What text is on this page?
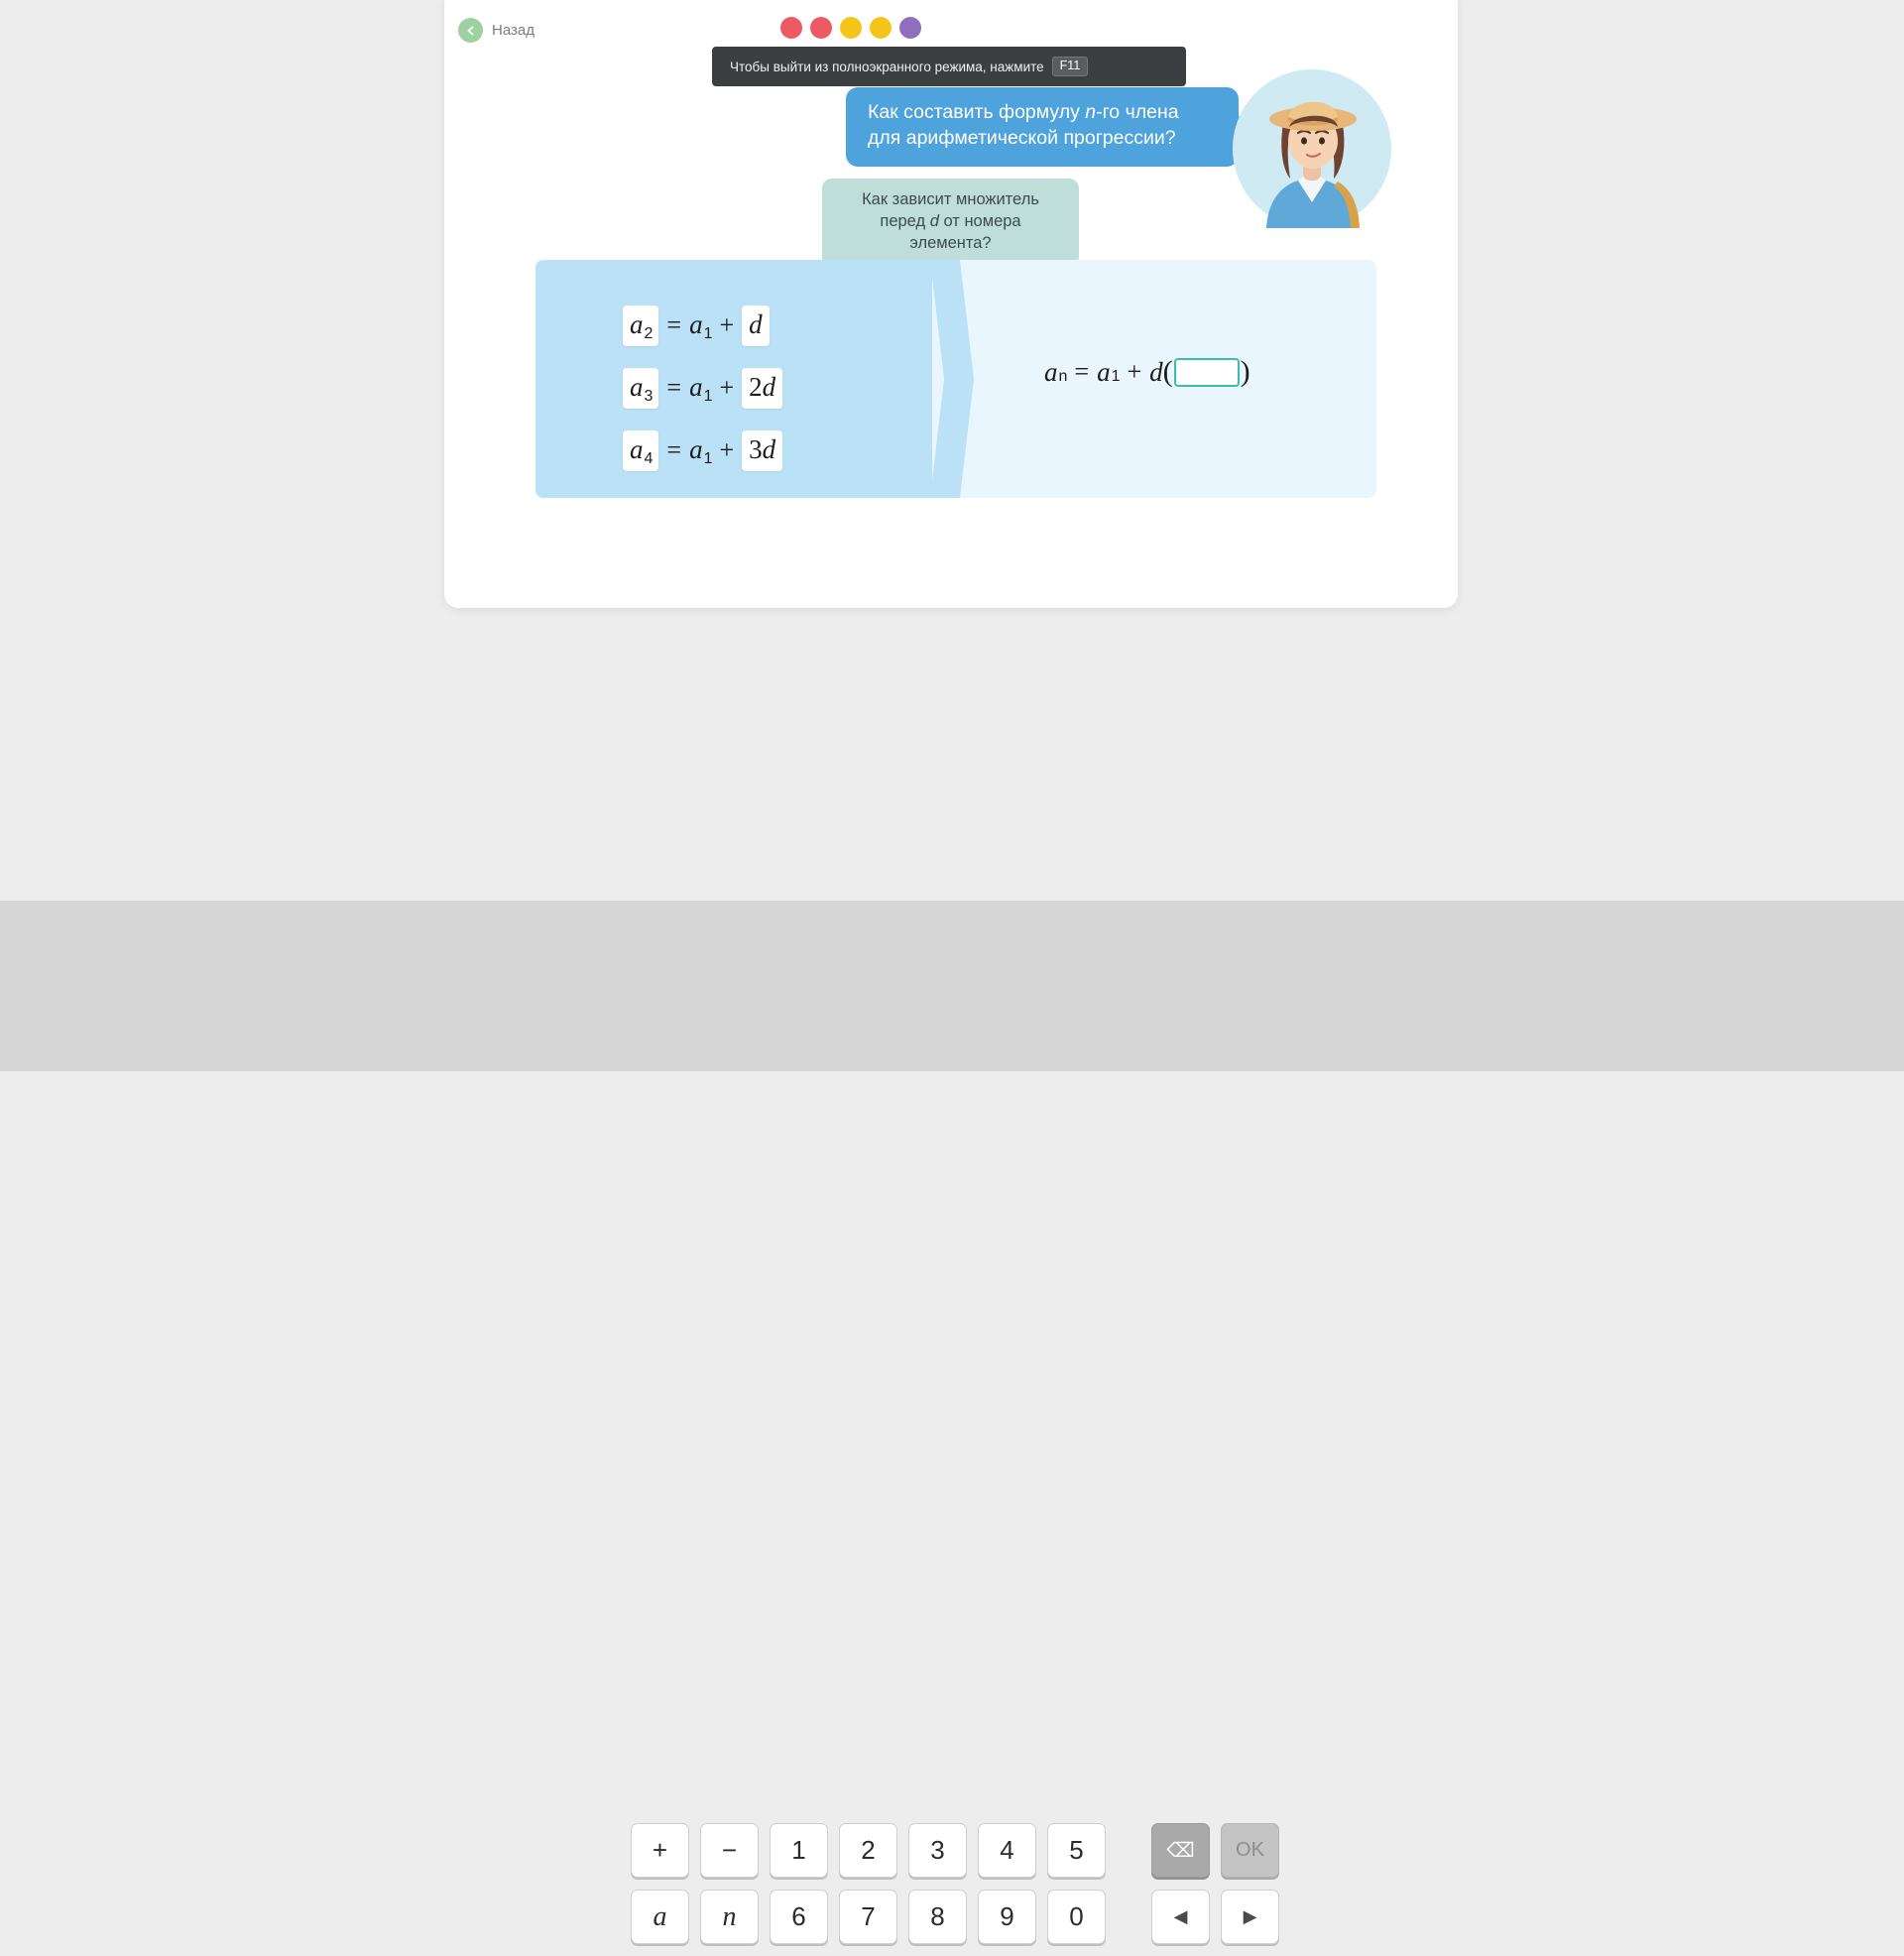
Назад
Чтобы выйти из полноэкранного режима, нажмите	F11
Как составить формулу n-го члена
для арифметической прогрессии?
Как зависит множитель
перед d от номера элемента?
a 2 = a 1 + d
a 3 = a 1 + 2 d
a 4 = a 1 + 3 d
a n = a 1 + d ( )
+	−	1	2	3	4	5	⌫	OK
a	n	6	7	8	9	0	◀	▶
